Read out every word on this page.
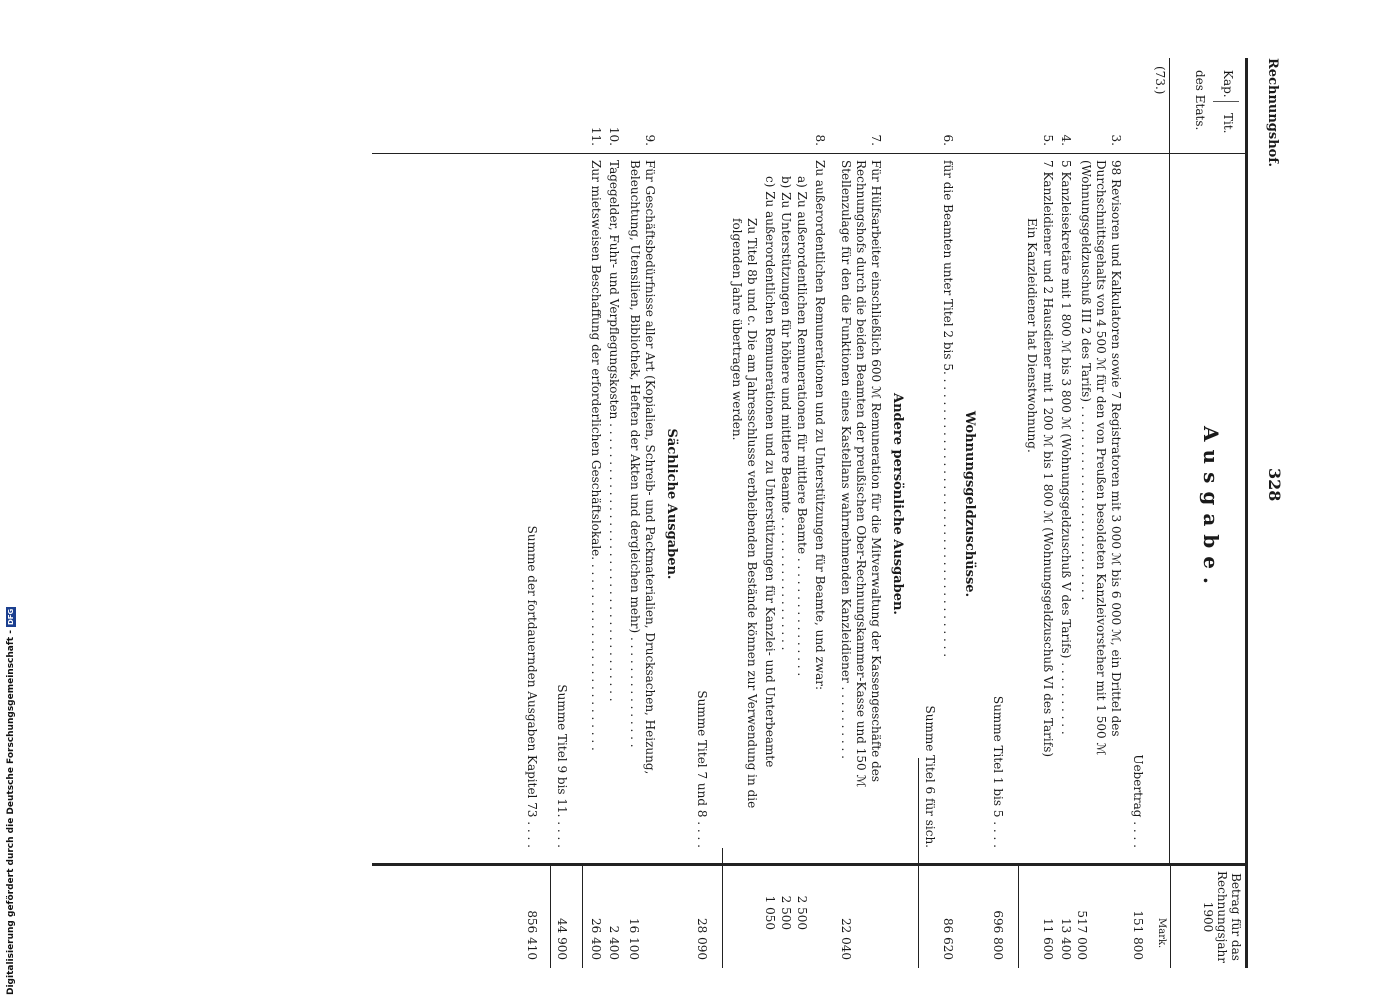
Digitalisierung gefördert durch die Deutsche Forschungsgemeinschaft -
DFG
Rechnungshof.
328
Kap.
Tit.
des Etats.
Ausgabe.
Betrag für das Rechnungsjahr 1900
Mark.
(73.)
Uebertrag . . . .
151 800
3.
98 Revisoren und Kalkulatoren sowie 7 Registratoren mit 3 000 ℳ bis 6 000 ℳ, ein Drittel des Durchschnittsgehalts von 4 500 ℳ für den von Preußen besoldeten Kanzleivorsteher mit 1 500 ℳ (Wohnungsgeldzuschuß III 2 des Tarifs) . . . . . . . . . . . . . . . . . . . . . . . . . .
517 000
4.
5 Kanzleisekretäre mit 1 800 ℳ bis 3 800 ℳ (Wohnungsgeldzuschuß V des Tarifs) . . . . . . . . . .
13 400
5.
7 Kanzleidiener und 2 Hausdiener mit 1 200 ℳ bis 1 800 ℳ (Wohnungsgeldzuschuß VI des Tarifs)
11 600
Ein Kanzleidiener hat Dienstwohnung.
Summe Titel 1 bis 5 . . . .
696 800
Wohnungsgeldzuschüsse.
6.
für die Beamten unter Titel 2 bis 5. . . . . . . . . . . . . . . . . . . . . . . . . . . . . . . . . . . . . .
86 620
Summe Titel 6 für sich.
Andere persönliche Ausgaben.
7.
Für Hülfsarbeiter einschließlich 600 ℳ Remuneration für die Mitverwaltung der Kassengeschäfte des Rechnungshofs durch die beiden Beamten der preußischen Ober-Rechnungskammer-Kasse und 150 ℳ Stellenzulage für den die Funktionen eines Kastellans wahrnehmenden Kanzleidiener . . . . . . . . . .
22 040
8.
Zu außerordentlichen Remunerationen und zu Unterstützungen für Beamte, und zwar:
a) Zu außerordentlichen Remunerationen für mittlere Beamte . . . . . . . . . . . . . . . .
2 500
b) Zu Unterstützungen für höhere und mittlere Beamte . . . . . . . . . . . . . . . . . .
2 500
c) Zu außerordentlichen Remunerationen und zu Unterstützungen für Kanzlei- und Unterbeamte
1 050
Zu Titel 8b und c. Die am Jahresschlusse verbleibenden Bestände können zur Verwendung in die folgenden Jahre übertragen werden.
Summe Titel 7 und 8 . . . .
28 090
Sächliche Ausgaben.
9.
Für Geschäftsbedürfnisse aller Art (Kopialien, Schreib- und Packmaterialien, Drucksachen, Heizung, Beleuchtung, Utensilien, Bibliothek, Heften der Akten und dergleichen mehr) . . . . . . . . . . . . . . .
16 100
10.
Tagegelder, Fuhr- und Verpflegungskosten . . . . . . . . . . . . . . . . . . . . . . . . . . . . . . . . . . . . .
2 400
11.
Zur mietsweisen Beschaffung der erforderlichen Geschäftslokale. . . . . . . . . . . . . . . . . . . . . . . . . .
26 400
Summe Titel 9 bis 11. . . . .
44 900
Summe der fortdauernden Ausgaben Kapitel 73 . . . .
856 410
